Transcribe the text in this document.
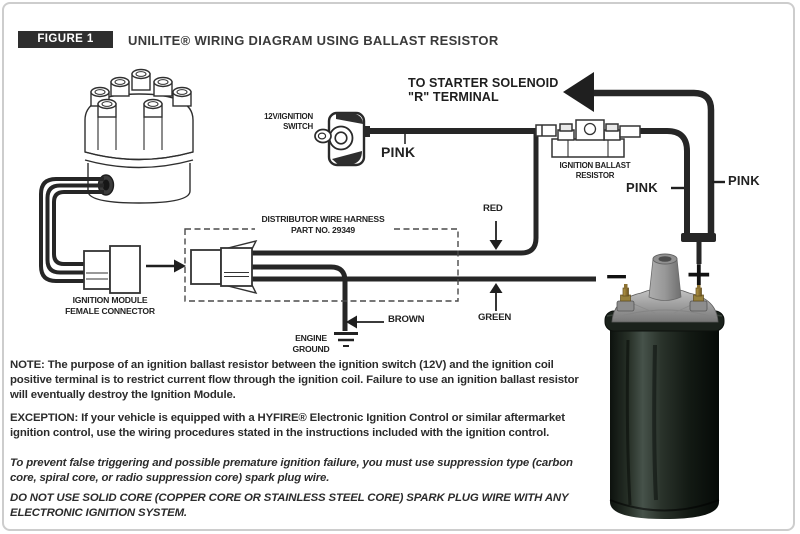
FIGURE 1	UNILITE® WIRING DIAGRAM USING BALLAST RESISTOR
TO STARTER SOLENOID
"R" TERMINAL
12V/IGNITION
SWITCH
PINK
IGNITION BALLAST
RESISTOR
PINK	PINK
RED
GREEN
BROWN
ENGINE
GROUND
DISTRIBUTOR WIRE HARNESS
PART NO. 29349
IGNITION MODULE
FEMALE CONNECTOR
− +
NOTE: The purpose of an ignition ballast resistor between the ignition switch (12V) and the ignition coil positive terminal is to restrict current flow through the ignition coil. Failure to use an ignition ballast resistor will eventually destroy the Ignition Module.
EXCEPTION: If your vehicle is equipped with a HYFIRE® Electronic Ignition Control or similar aftermarket ignition control, use the wiring procedures stated in the instructions included with the ignition control.
To prevent false triggering and possible premature ignition failure, you must use suppression type (carbon core, spiral core, or radio suppression core) spark plug wire.
DO NOT USE SOLID CORE (COPPER CORE OR STAINLESS STEEL CORE) SPARK PLUG WIRE WITH ANY ELECTRONIC IGNITION SYSTEM.
